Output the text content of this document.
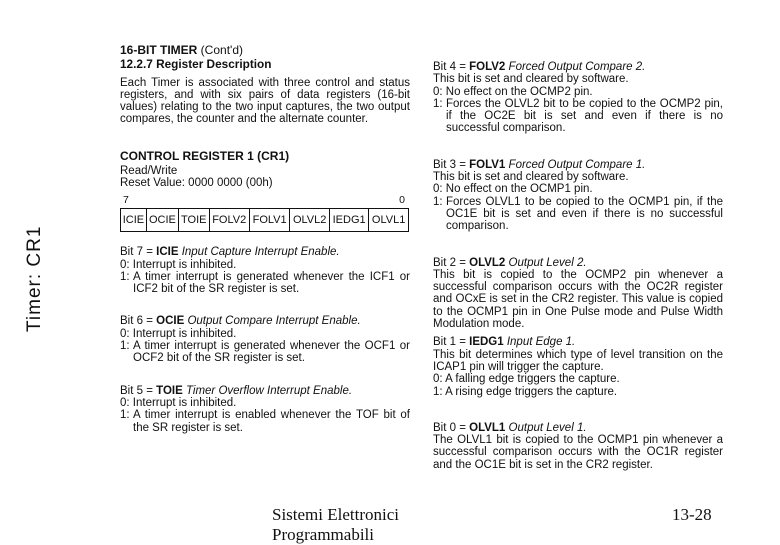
Timer: CR1

16-BIT TIMER (Cont'd)

12.2.7 Register Description

Each Timer is associated with three control and status registers, and with six pairs of data registers (16-bit values) relating to the two input captures, the two output compares, the counter and the alternate counter.

CONTROL REGISTER 1 (CR1)

Read/Write

Reset Value: 0000 0000 (00h)

7	0
ICIE	OCIE	TOIE	FOLV2	FOLV1	OLVL2	IEDG1	OLVL1

Bit 7 = ICIE Input Capture Interrupt Enable.

0: Interrupt is inhibited.

1: A timer interrupt is generated whenever the ICF1 or ICF2 bit of the SR register is set.

Bit 6 = OCIE Output Compare Interrupt Enable.

0: Interrupt is inhibited.

1: A timer interrupt is generated whenever the OCF1 or OCF2 bit of the SR register is set.

Bit 5 = TOIE Timer Overflow Interrupt Enable.

0: Interrupt is inhibited.

1: A timer interrupt is enabled whenever the TOF bit of the SR register is set.

Bit 4 = FOLV2 Forced Output Compare 2.

This bit is set and cleared by software.

0: No effect on the OCMP2 pin.

1: Forces the OLVL2 bit to be copied to the OCMP2 pin, if the OC2E bit is set and even if there is no successful comparison.

Bit 3 = FOLV1 Forced Output Compare 1.

This bit is set and cleared by software.

0: No effect on the OCMP1 pin.

1: Forces OLVL1 to be copied to the OCMP1 pin, if the OC1E bit is set and even if there is no successful comparison.

Bit 2 = OLVL2 Output Level 2.

This bit is copied to the OCMP2 pin whenever a successful comparison occurs with the OC2R register and OCxE is set in the CR2 register. This value is copied to the OCMP1 pin in One Pulse mode and Pulse Width Modulation mode.

Bit 1 = IEDG1 Input Edge 1.

This bit determines which type of level transition on the ICAP1 pin will trigger the capture.

0: A falling edge triggers the capture.

1: A rising edge triggers the capture.

Bit 0 = OLVL1 Output Level 1.

The OLVL1 bit is copied to the OCMP1 pin whenever a successful comparison occurs with the OC1R register and the OC1E bit is set in the CR2 register.

Sistemi Elettronici Programmabili
13-28
